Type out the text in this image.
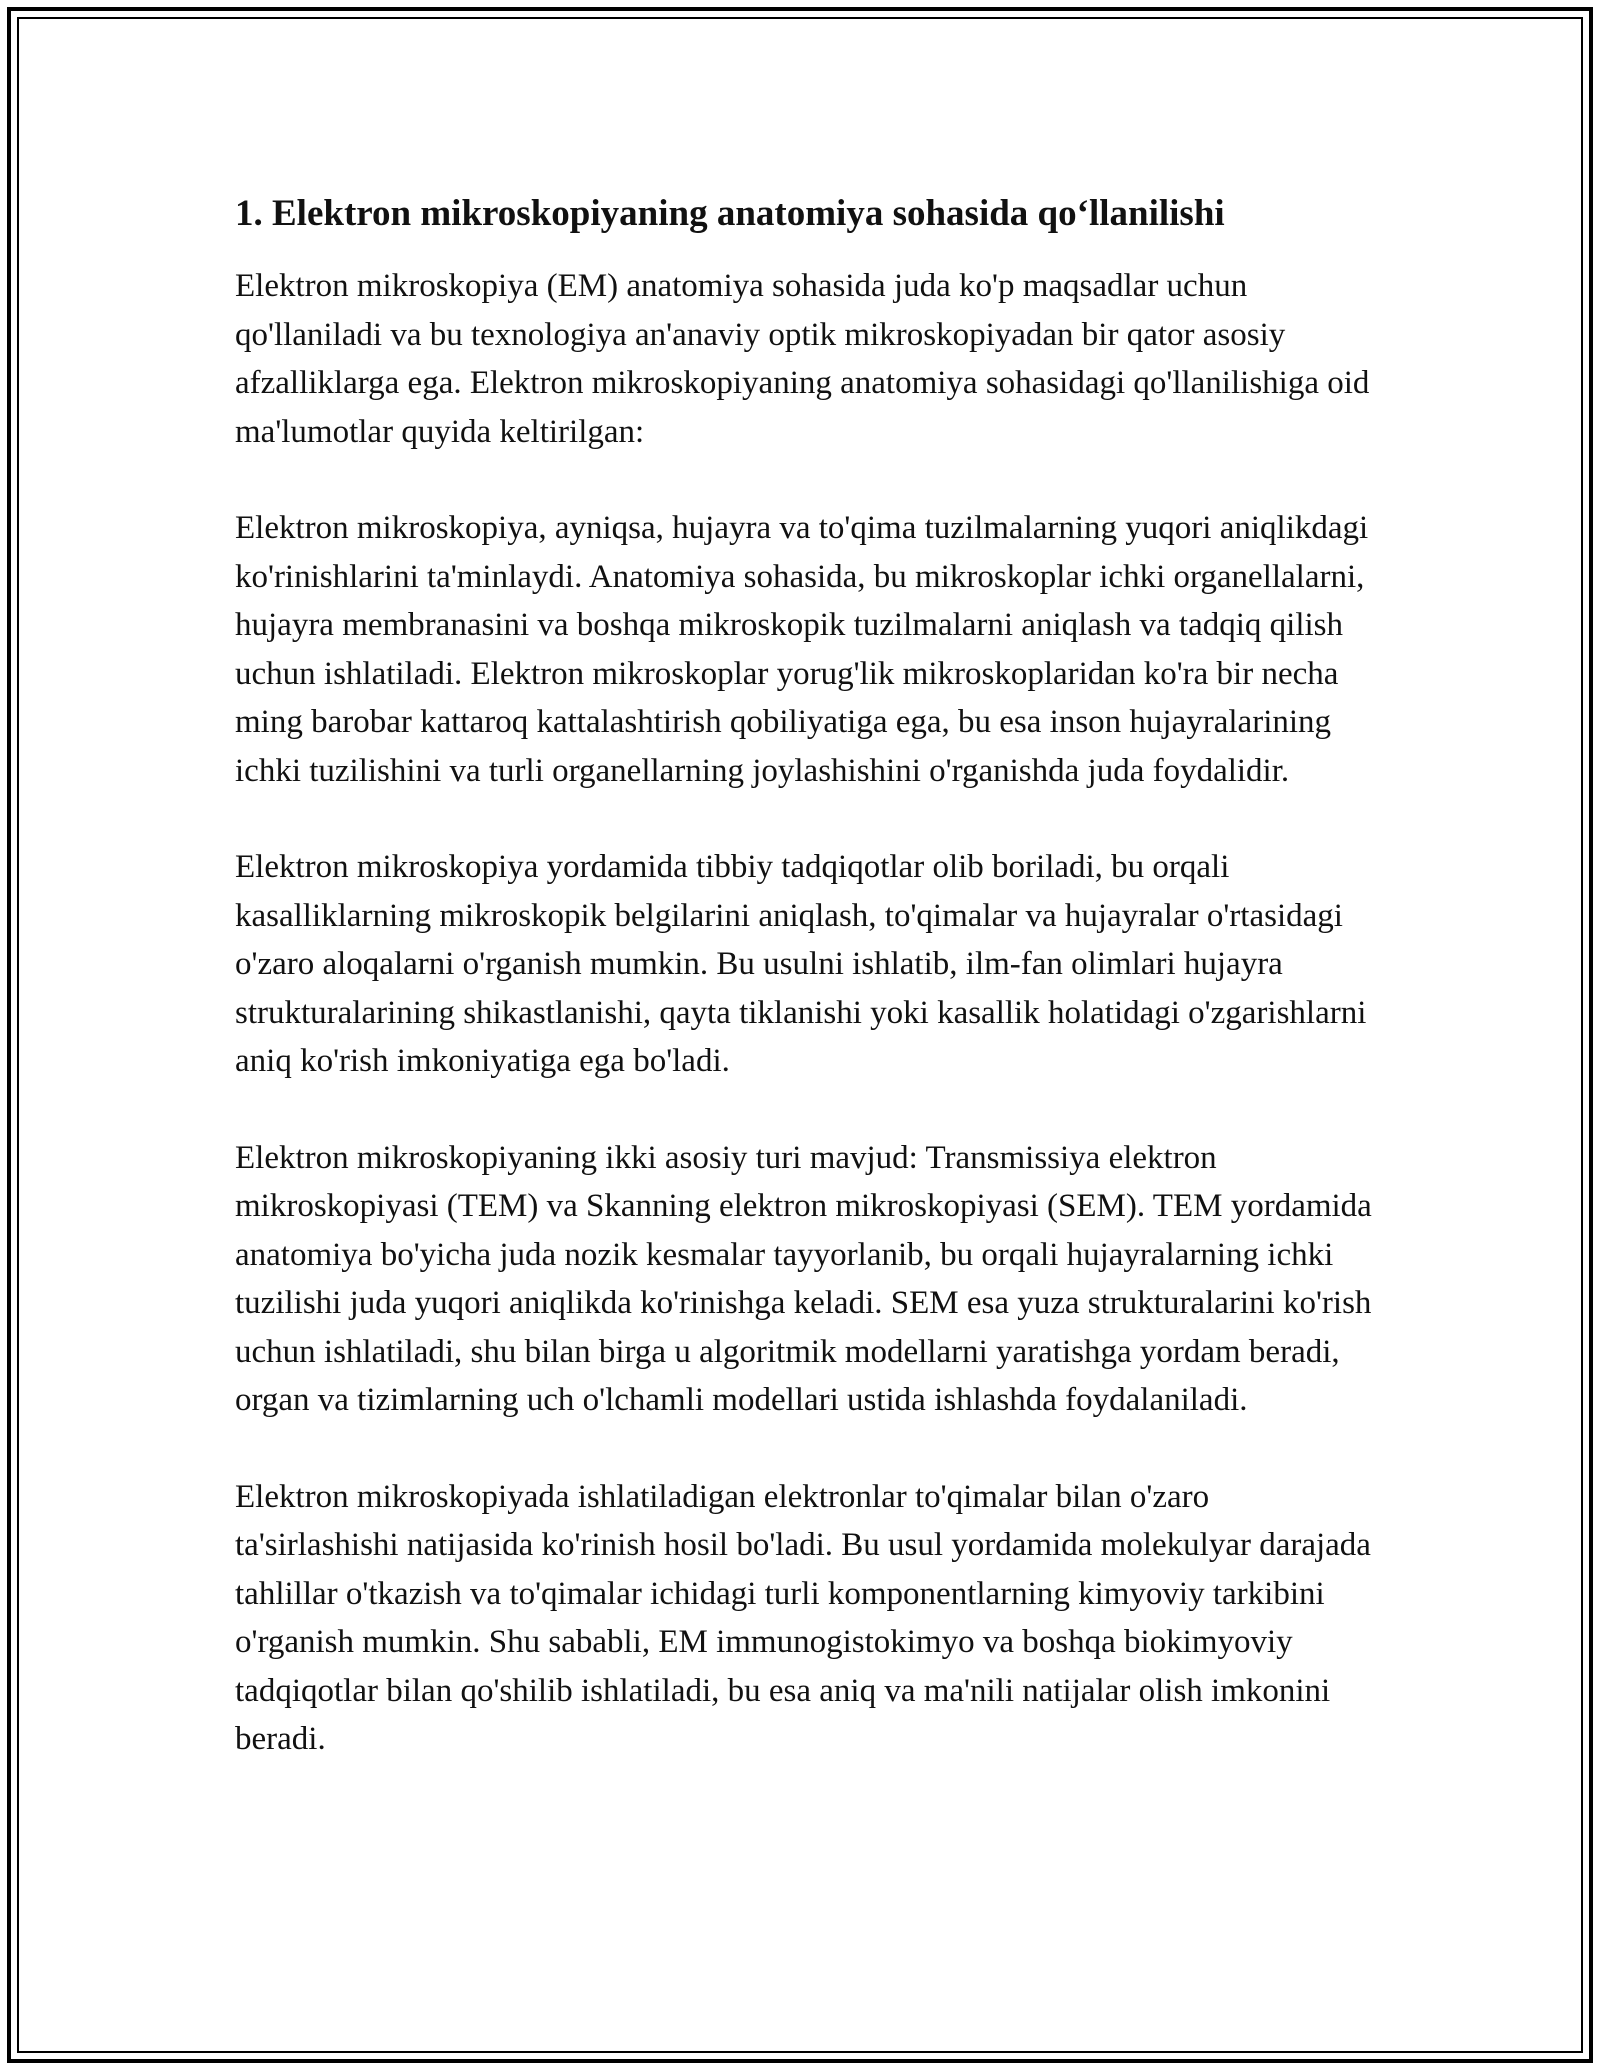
1. Elektron mikroskopiyaning anatomiya sohasida qo‘llanilishi

Elektron mikroskopiya (EM) anatomiya sohasida juda ko'p maqsadlar uchun qo'llaniladi va bu texnologiya an'anaviy optik mikroskopiyadan bir qator asosiy afzalliklarga ega. Elektron mikroskopiyaning anatomiya sohasidagi qo'llanilishiga oid ma'lumotlar quyida keltirilgan:

Elektron mikroskopiya, ayniqsa, hujayra va to'qima tuzilmalarning yuqori aniqlikdagi ko'rinishlarini ta'minlaydi. Anatomiya sohasida, bu mikroskoplar ichki organellalarni, hujayra membranasini va boshqa mikroskopik tuzilmalarni aniqlash va tadqiq qilish uchun ishlatiladi. Elektron mikroskoplar yorug'lik mikroskoplaridan ko'ra bir necha ming barobar kattaroq kattalashtirish qobiliyatiga ega, bu esa inson hujayralarining ichki tuzilishini va turli organellarning joylashishini o'rganishda juda foydalidir.

Elektron mikroskopiya yordamida tibbiy tadqiqotlar olib boriladi, bu orqali kasalliklarning mikroskopik belgilarini aniqlash, to'qimalar va hujayralar o'rtasidagi o'zaro aloqalarni o'rganish mumkin. Bu usulni ishlatib, ilm-fan olimlari hujayra strukturalarining shikastlanishi, qayta tiklanishi yoki kasallik holatidagi o'zgarishlarni aniq ko'rish imkoniyatiga ega bo'ladi.

Elektron mikroskopiyaning ikki asosiy turi mavjud: Transmissiya elektron mikroskopiyasi (TEM) va Skanning elektron mikroskopiyasi (SEM). TEM yordamida anatomiya bo'yicha juda nozik kesmalar tayyorlanib, bu orqali hujayralarning ichki tuzilishi juda yuqori aniqlikda ko'rinishga keladi. SEM esa yuza strukturalarini ko'rish uchun ishlatiladi, shu bilan birga u algoritmik modellarni yaratishga yordam beradi, organ va tizimlarning uch o'lchamli modellari ustida ishlashda foydalaniladi.

Elektron mikroskopiyada ishlatiladigan elektronlar to'qimalar bilan o'zaro ta'sirlashishi natijasida ko'rinish hosil bo'ladi. Bu usul yordamida molekulyar darajada tahlillar o'tkazish va to'qimalar ichidagi turli komponentlarning kimyoviy tarkibini o'rganish mumkin. Shu sababli, EM immunogistokimyo va boshqa biokimyoviy tadqiqotlar bilan qo'shilib ishlatiladi, bu esa aniq va ma'nili natijalar olish imkonini beradi.
